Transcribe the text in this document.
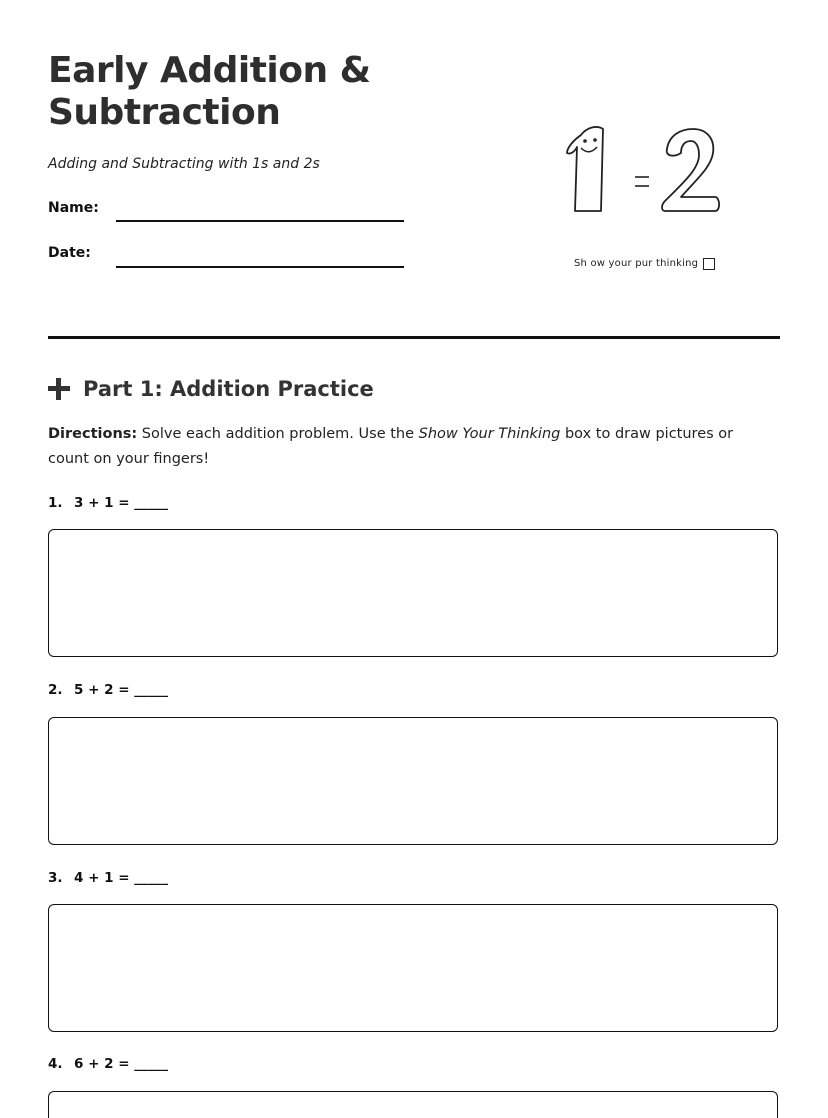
Early Addition &
Subtraction

Adding and Subtracting with 1s and 2s

Name:
Date:
Sh ow your pur thinking
Part 1: Addition Practice

Directions: Solve each addition problem. Use the Show Your Thinking box to draw pictures or count on your fingers!

1. 3 + 1 = _____
2. 5 + 2 = _____
3. 4 + 1 = _____
4. 6 + 2 = _____
